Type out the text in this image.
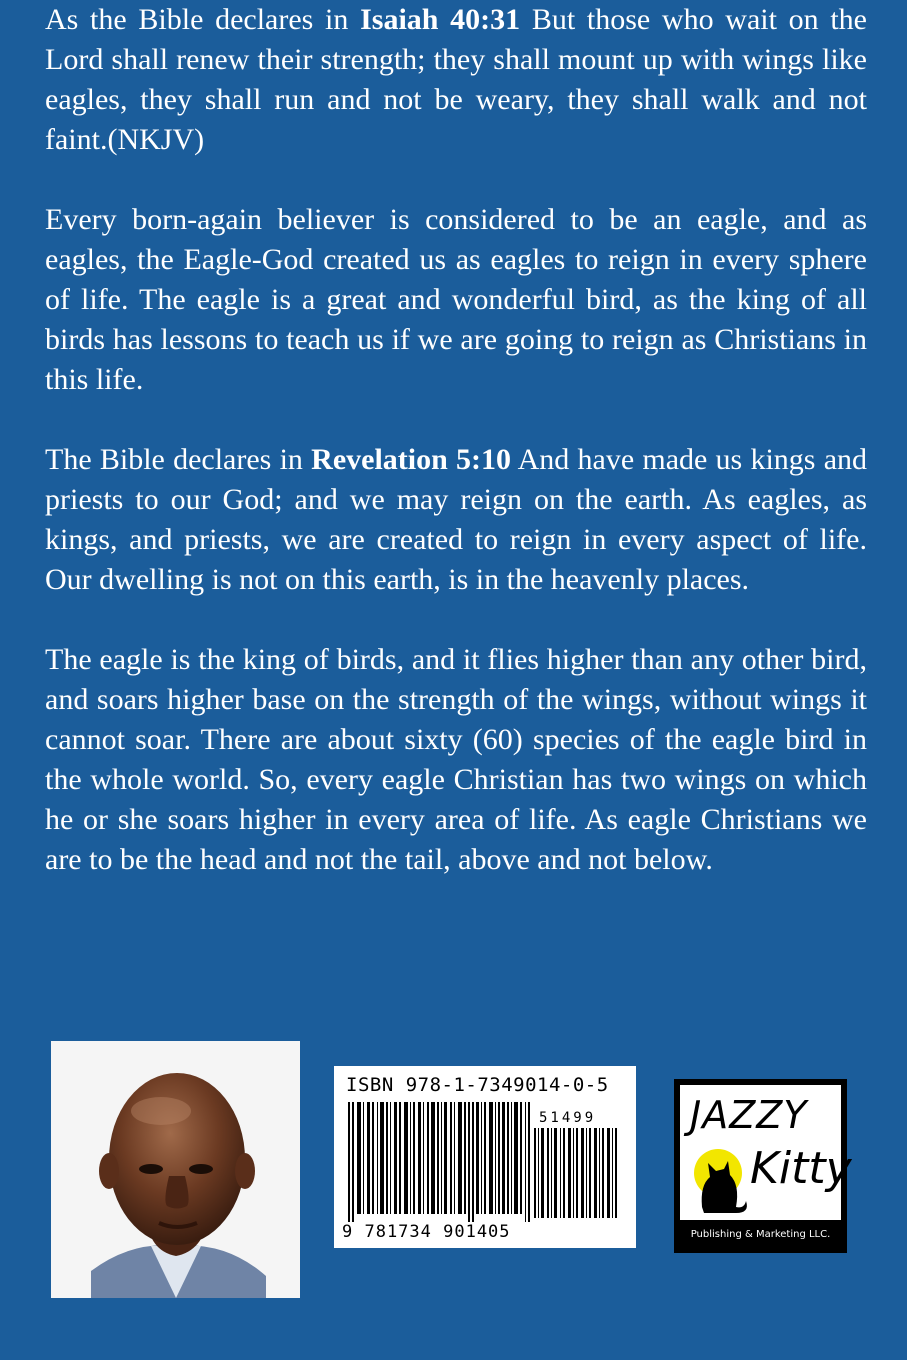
As the Bible declares in Isaiah 40:31 But those who wait on the Lord shall renew their strength; they shall mount up with wings like eagles, they shall run and not be weary, they shall walk and not faint.(NKJV)

Every born-again believer is considered to be an eagle, and as eagles, the Eagle-God created us as eagles to reign in every sphere of life. The eagle is a great and wonderful bird, as the king of all birds has lessons to teach us if we are going to reign as Christians in this life.

The Bible declares in Revelation 5:10 And have made us kings and priests to our God; and we may reign on the earth. As eagles, as kings, and priests, we are created to reign in every aspect of life. Our dwelling is not on this earth, is in the heavenly places.

The eagle is the king of birds, and it flies higher than any other bird, and soars higher base on the strength of the wings, without wings it cannot soar. There are about sixty (60) species of the eagle bird in the whole world. So, every eagle Christian has two wings on which he or she soars higher in every area of life. As eagle Christians we are to be the head and not the tail, above and not below.

ISBN 978-1-7349014-0-5
51499
9 781734 901405
JAZZY
Kitty
Publishing & Marketing LLC.
